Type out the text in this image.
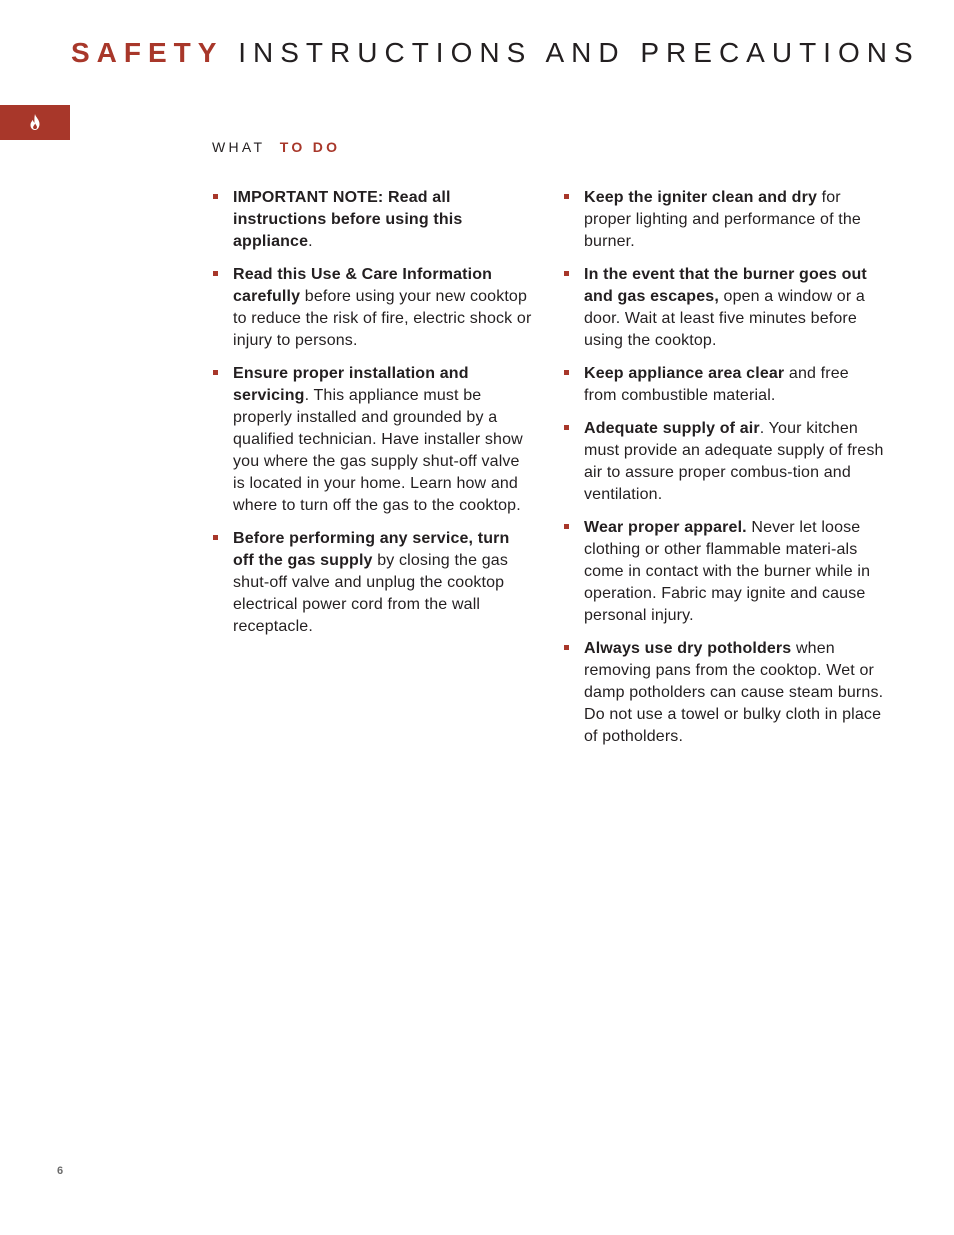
SAFETY INSTRUCTIONS AND PRECAUTIONS
WHAT TO DO
IMPORTANT NOTE: Read all instructions before using this appliance.
Read this Use & Care Information carefully before using your new cooktop to reduce the risk of fire, electric shock or injury to persons.
Ensure proper installation and servicing. This appliance must be properly installed and grounded by a qualified technician. Have installer show you where the gas supply shut-off valve is located in your home. Learn how and where to turn off the gas to the cooktop.
Before performing any service, turn off the gas supply by closing the gas shut-off valve and unplug the cooktop electrical power cord from the wall receptacle.
Keep the igniter clean and dry for proper lighting and performance of the burner.
In the event that the burner goes out and gas escapes, open a window or a door. Wait at least five minutes before using the cooktop.
Keep appliance area clear and free from combustible material.
Adequate supply of air. Your kitchen must provide an adequate supply of fresh air to assure proper combus-tion and ventilation.
Wear proper apparel. Never let loose clothing or other flammable materi-als come in contact with the burner while in operation. Fabric may ignite and cause personal injury.
Always use dry potholders when removing pans from the cooktop. Wet or damp potholders can cause steam burns. Do not use a towel or bulky cloth in place of potholders.
6
